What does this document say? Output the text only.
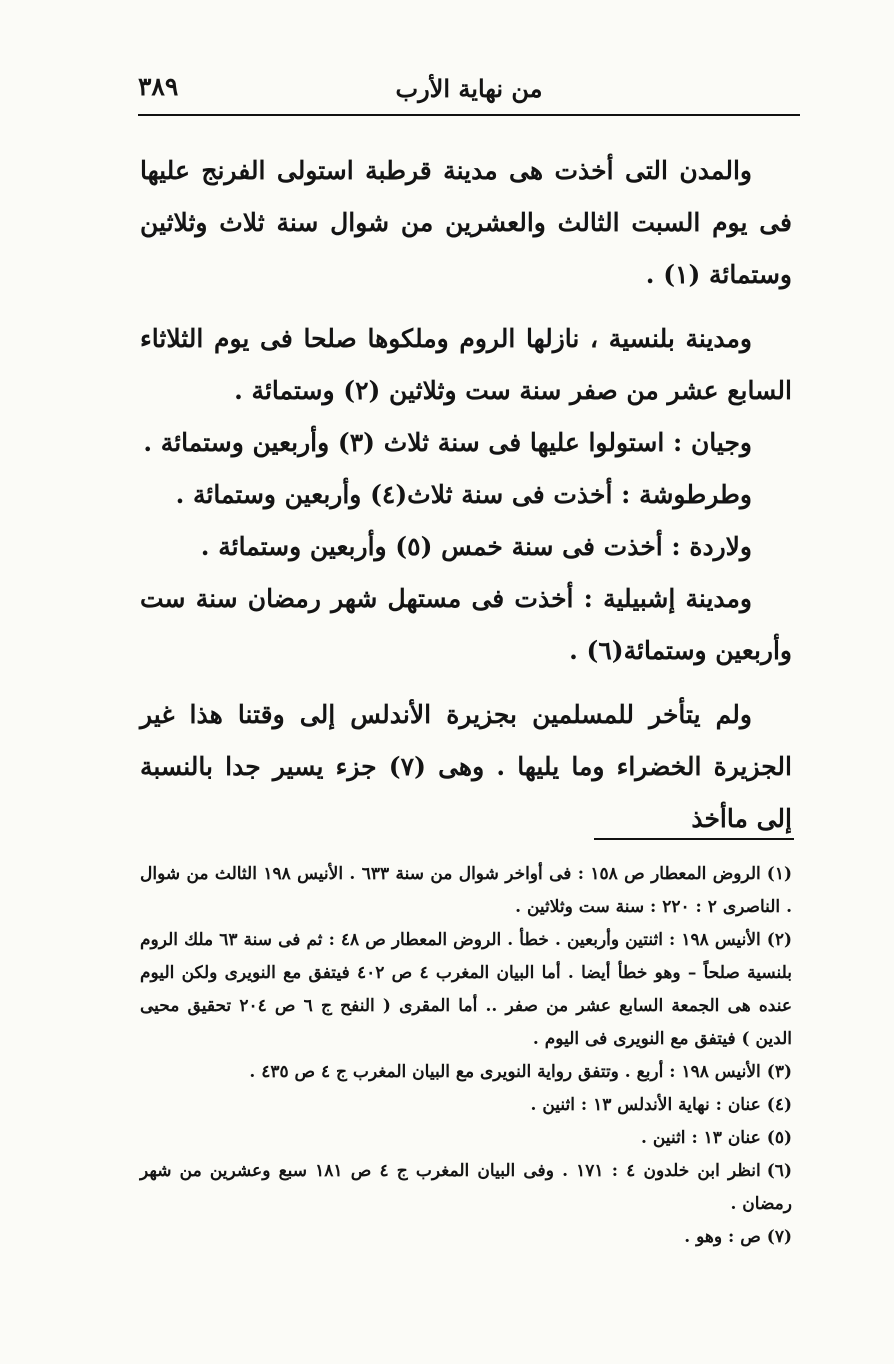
من نهاية الأرب
٣٨٩

والمدن التى أخذت هى مدينة قرطبة استولى الفرنج عليها فى يوم السبت الثالث والعشرين من شوال سنة ثلاث وثلاثين وستمائة (١) .

ومدينة بلنسية ، نازلها الروم وملكوها صلحا فى يوم الثلاثاء السابع عشر من صفر سنة ست وثلاثين (٢) وستمائة .

وجيان : استولوا عليها فى سنة ثلاث (٣) وأربعين وستمائة .

وطرطوشة : أخذت فى سنة ثلاث(٤) وأربعين وستمائة .

ولاردة : أخذت فى سنة خمس (٥) وأربعين وستمائة .

ومدينة إشبيلية : أخذت فى مستهل شهر رمضان سنة ست وأربعين وستمائة(٦) .

ولم يتأخر للمسلمين بجزيرة الأندلس إلى وقتنا هذا غير الجزيرة الخضراء وما يليها . وهى (٧) جزء يسير جدا بالنسبة إلى ماأخذ

(١)الروض المعطار ص ١٥٨ : فى أواخر شوال من سنة ٦٣٣ . الأنيس ١٩٨ الثالث من شوال . الناصرى ٢ : ٢٢٠ : سنة ست وثلاثين .

(٢)الأنيس ١٩٨ : اثنتين وأربعين . خطأ . الروض المعطار ص ٤٨ : ثم فى سنة ٦٣ ملك الروم بلنسية صلحاً – وهو خطأ أيضا . أما البيان المغرب ٤ ص ٤٠٢ فيتفق مع النويرى ولكن اليوم عنده هى الجمعة السابع عشر من صفر .. أما المقرى ( النفح ج ٦ ص ٢٠٤ تحقيق محيى الدين ) فيتفق مع النويرى فى اليوم .

(٣)الأنيس ١٩٨ : أربع . وتتفق رواية النويرى مع البيان المغرب ج ٤ ص ٤٣٥ .

(٤)عنان : نهاية الأندلس ١٣ : اثنين .

(٥)عنان ١٣ : اثنين .

(٦)انظر ابن خلدون ٤ : ١٧١ . وفى البيان المغرب ج ٤ ص ١٨١ سبع وعشرين من شهر رمضان .

(٧)ص : وهو .
